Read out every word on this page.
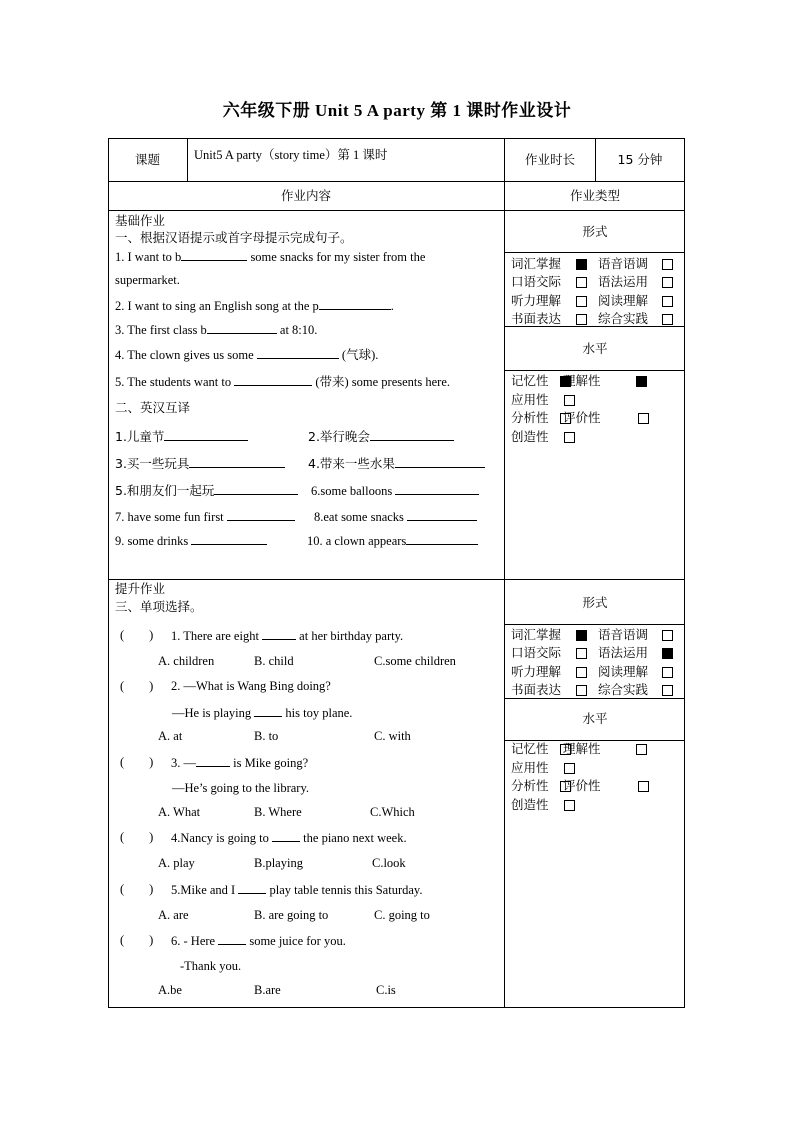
六年级下册 Unit 5 A party 第 1 课时作业设计
课题	Unit5 A party（story time）第 1 课时	作业时长	15 分钟
作业内容	作业类型
基础作业
一、根据汉语提示或首字母提示完成句子。
1. I want to b	some snacks for my sister from the
supermarket.
2. I want to sing an English song at the p	.
3. The first class b	at 8:10.
4. The clown gives us some	(气球).
5. The students want to	(带来) some presents here.
二、英汉互译
1.儿童节	2.举行晚会
3.买一些玩具	4.带来一些水果
5.和朋友们一起玩	6.some balloons
7. have some fun first	8.eat some snacks
9. some drinks	10. a clown appears
形式
词汇掌握	语音语调
口语交际	语法运用
听力理解	阅读理解
书面表达	综合实践
水平
记忆性 理解性
应用性
分析性 评价性
创造性
提升作业
三、单项选择。
(　　) 1. There are eight	at her birthday party.
A. children	B. child	C.some children
(　　) 2. —What is Wang Bing doing?
—He is playing  his toy plane.
A. at	B. to	C. with
(　　) 3. —	is Mike going?
—He’s going to the library.
A. What	B. Where	C.Which
(　　) 4.Nancy is going to  the piano next week.
A. play	B.playing	C.look
(　　) 5.Mike and I  play table tennis this Saturday.
A. are	B. are going to	C. going to
(　　) 6. - Here  some juice for you.
-Thank you.
A.be	B.are	C.is
形式
词汇掌握	语音语调
口语交际	语法运用
听力理解	阅读理解
书面表达	综合实践
水平
记忆性 理解性
应用性
分析性 评价性
创造性
